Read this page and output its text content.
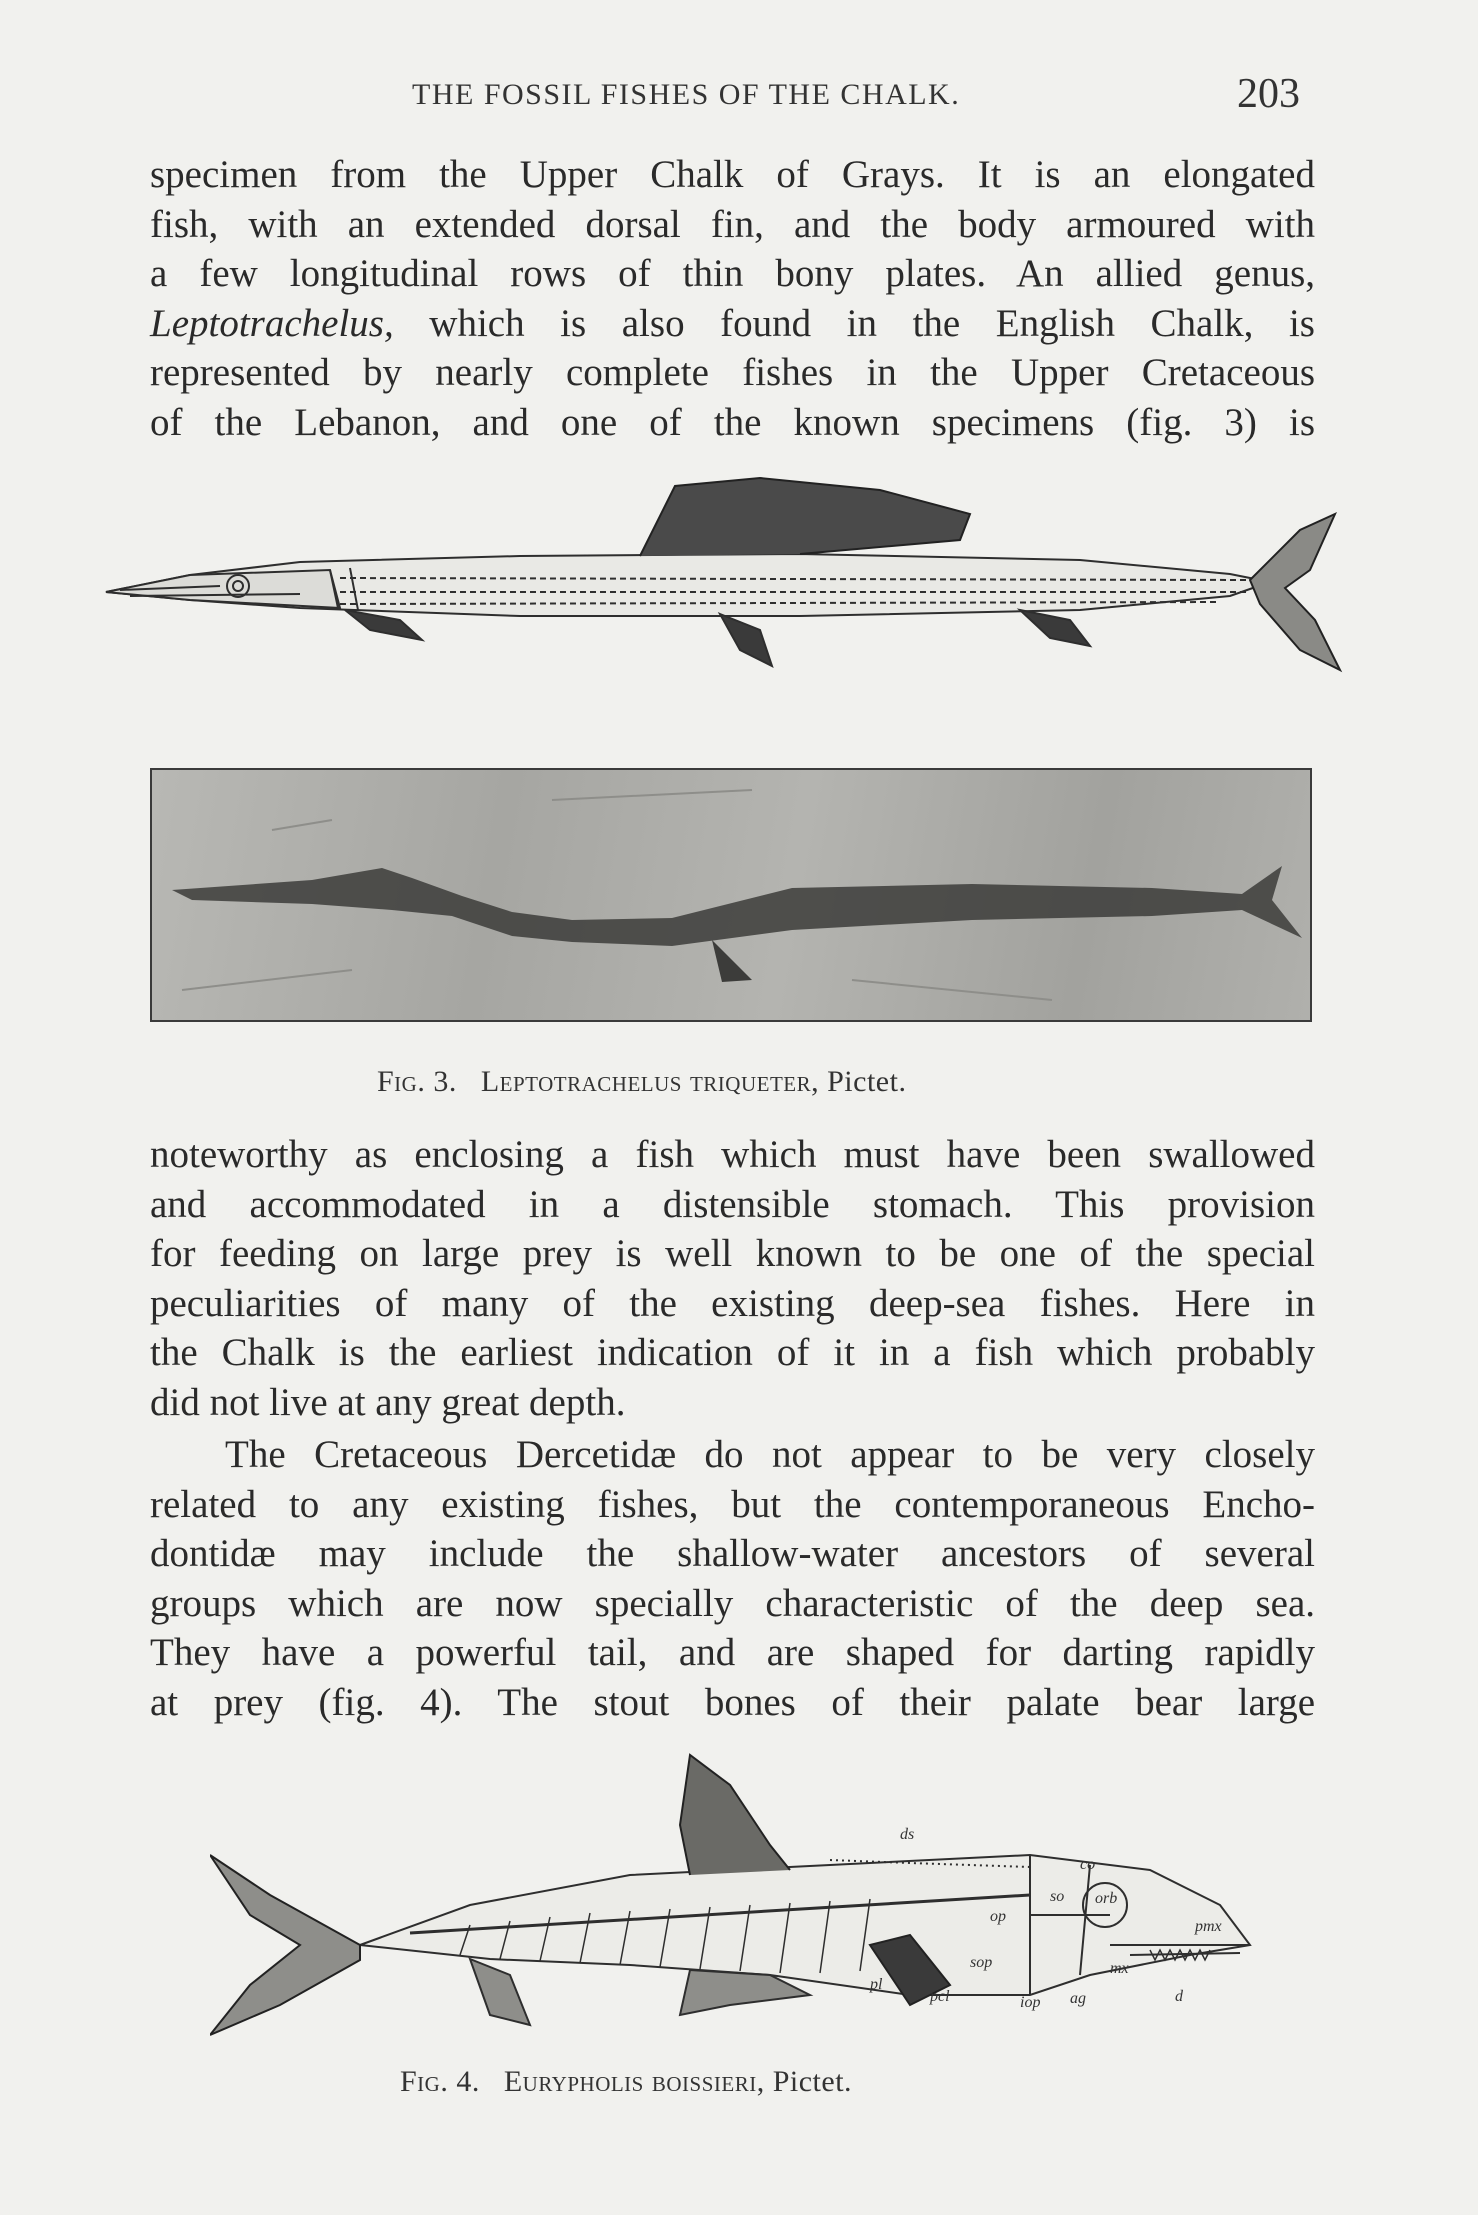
THE FOSSIL FISHES OF THE CHALK.	203
specimen from the Upper Chalk of Grays. It is an elongated
fish, with an extended dorsal fin, and the body armoured with
a few longitudinal rows of thin bony plates. An allied genus,
Leptotrachelus, which is also found in the English Chalk, is
represented by nearly complete fishes in the Upper Cretaceous
of the Lebanon, and one of the known specimens (fig. 3) is
Fig. 3. Leptotrachelus triqueter, Pictet.
noteworthy as enclosing a fish which must have been swallowed
and accommodated in a distensible stomach. This provision
for feeding on large prey is well known to be one of the special
peculiarities of many of the existing deep-sea fishes. Here in
the Chalk is the earliest indication of it in a fish which probably
did not live at any great depth.
The Cretaceous Dercetidæ do not appear to be very closely
related to any existing fishes, but the contemporaneous Encho-
dontidæ may include the shallow-water ancestors of several
groups which are now specially characteristic of the deep sea.
They have a powerful tail, and are shaped for darting rapidly
at prey (fig. 4). The stout bones of their palate bear large
ds
co
so orb
op
pmx
sop	mx
pl
pcl	iop ag	d
Fig. 4. Eurypholis boissieri, Pictet.
